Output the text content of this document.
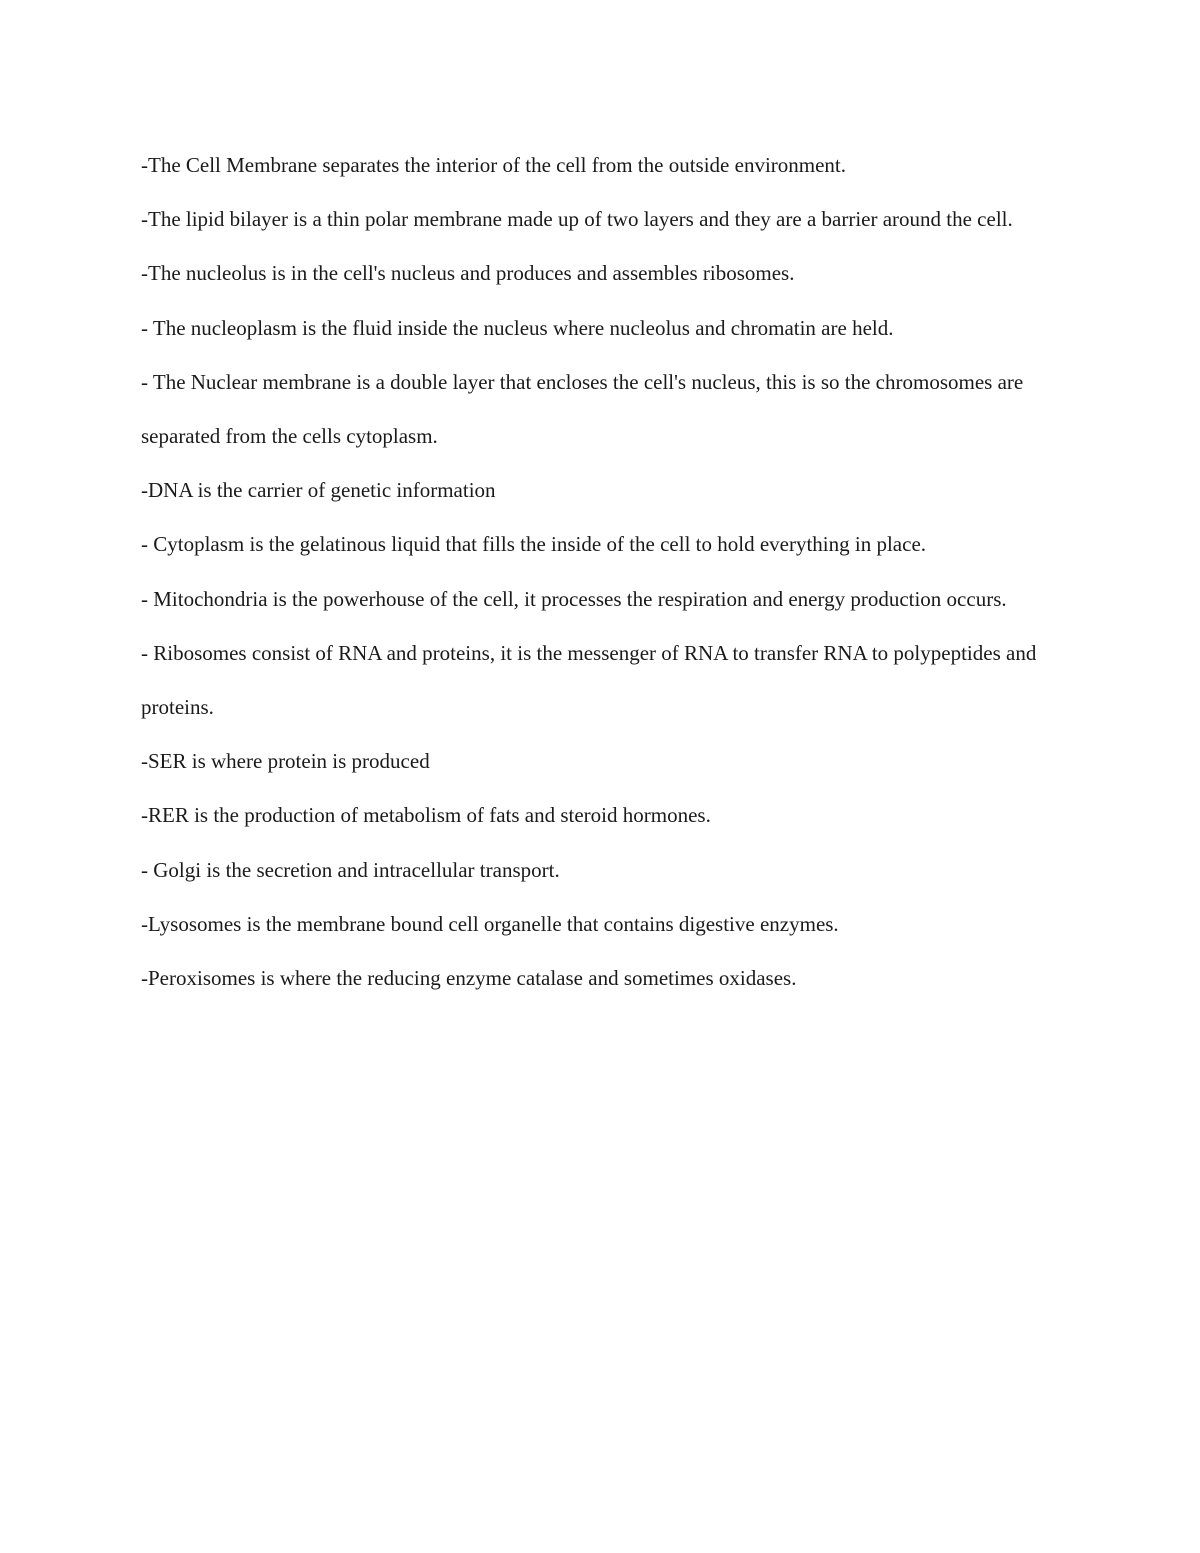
-The Cell Membrane separates the interior of the cell from the outside environment.

-The lipid bilayer is a thin polar membrane made up of two layers and they are a barrier around the cell.

-The nucleolus is in the cell's nucleus and produces and assembles ribosomes.

- The nucleoplasm is the fluid inside the nucleus where nucleolus and chromatin are held.

- The Nuclear membrane is a double layer that encloses the cell's nucleus, this is so the chromosomes are separated from the cells cytoplasm.

-DNA is the carrier of genetic information

- Cytoplasm is the gelatinous liquid that fills the inside of the cell to hold everything in place.

- Mitochondria is the powerhouse of the cell, it processes the respiration and energy production occurs.

- Ribosomes consist of RNA and proteins, it is the messenger of RNA to transfer RNA to polypeptides and proteins.

-SER is where protein is produced

-RER is the production of metabolism of fats and steroid hormones.

- Golgi is the secretion and intracellular transport.

-Lysosomes is the membrane bound cell organelle that contains digestive enzymes.

-Peroxisomes is where the reducing enzyme catalase and sometimes oxidases.
